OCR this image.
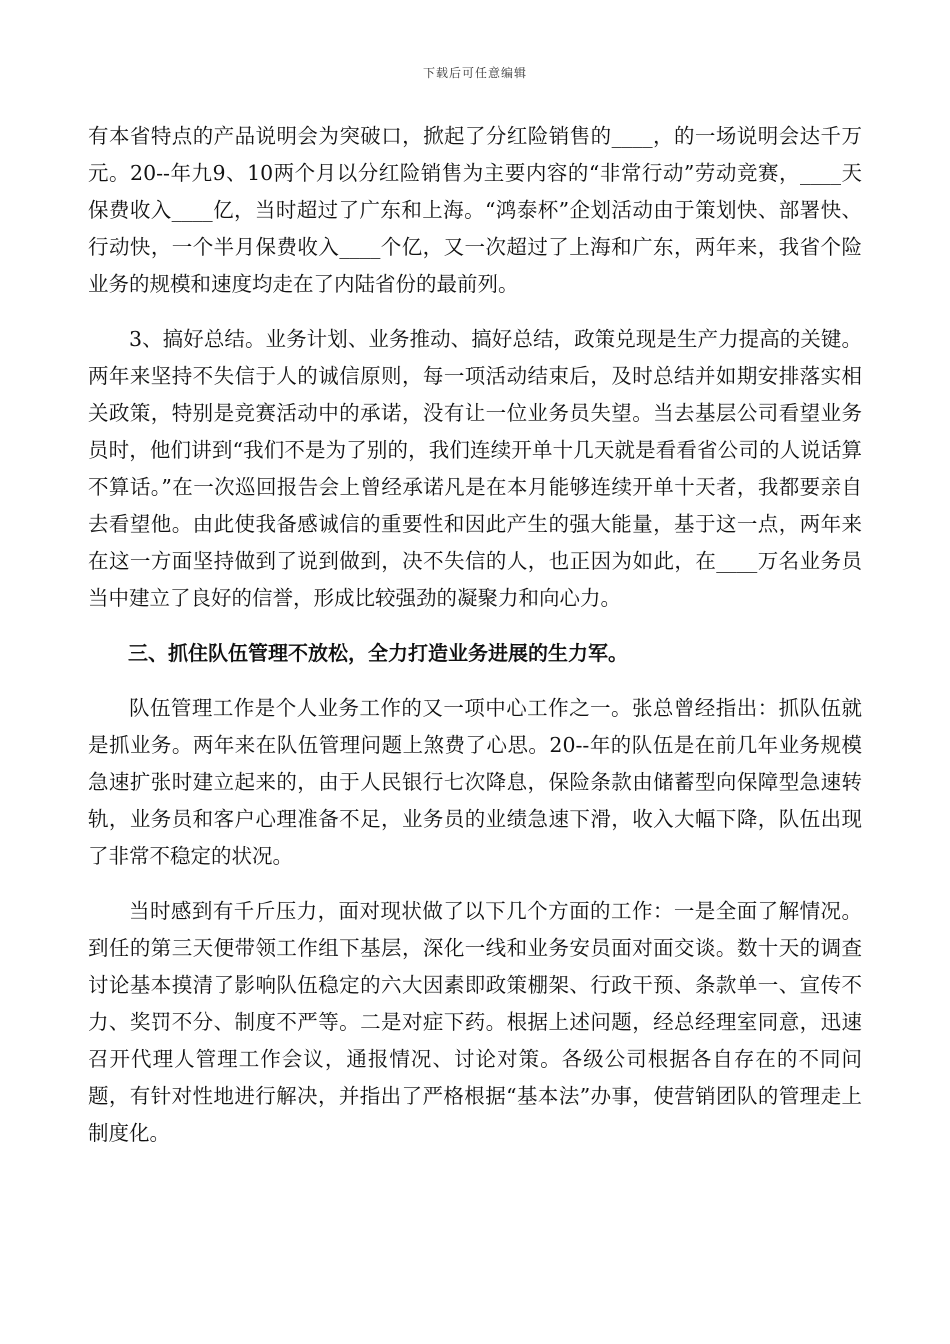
下载后可任意编辑

有本省特点的产品说明会为突破口，掀起了分红险销售的____，的一场说明会达千万元。20--年九9、10两个月以分红险销售为主要内容的“非常行动”劳动竞赛，____天保费收入____亿，当时超过了广东和上海。“鸿泰杯”企划活动由于策划快、部署快、行动快，一个半月保费收入____个亿，又一次超过了上海和广东，两年来，我省个险业务的规模和速度均走在了内陆省份的最前列。

3、搞好总结。业务计划、业务推动、搞好总结，政策兑现是生产力提高的关键。两年来坚持不失信于人的诚信原则，每一项活动结束后，及时总结并如期安排落实相关政策，特别是竞赛活动中的承诺，没有让一位业务员失望。当去基层公司看望业务员时，他们讲到“我们不是为了别的，我们连续开单十几天就是看看省公司的人说话算不算话。”在一次巡回报告会上曾经承诺凡是在本月能够连续开单十天者，我都要亲自去看望他。由此使我备感诚信的重要性和因此产生的强大能量，基于这一点，两年来在这一方面坚持做到了说到做到，决不失信的人，也正因为如此，在____万名业务员当中建立了良好的信誉，形成比较强劲的凝聚力和向心力。

三、抓住队伍管理不放松，全力打造业务进展的生力军。

队伍管理工作是个人业务工作的又一项中心工作之一。张总曾经指出：抓队伍就是抓业务。两年来在队伍管理问题上煞费了心思。20--年的队伍是在前几年业务规模急速扩张时建立起来的，由于人民银行七次降息，保险条款由储蓄型向保障型急速转轨，业务员和客户心理准备不足，业务员的业绩急速下滑，收入大幅下降，队伍出现了非常不稳定的状况。

当时感到有千斤压力，面对现状做了以下几个方面的工作：一是全面了解情况。到任的第三天便带领工作组下基层，深化一线和业务安员面对面交谈。数十天的调查讨论基本摸清了影响队伍稳定的六大因素即政策棚架、行政干预、条款单一、宣传不力、奖罚不分、制度不严等。二是对症下药。根据上述问题，经总经理室同意，迅速召开代理人管理工作会议，通报情况、讨论对策。各级公司根据各自存在的不同问题，有针对性地进行解决，并指出了严格根据“基本法”办事，使营销团队的管理走上制度化。
